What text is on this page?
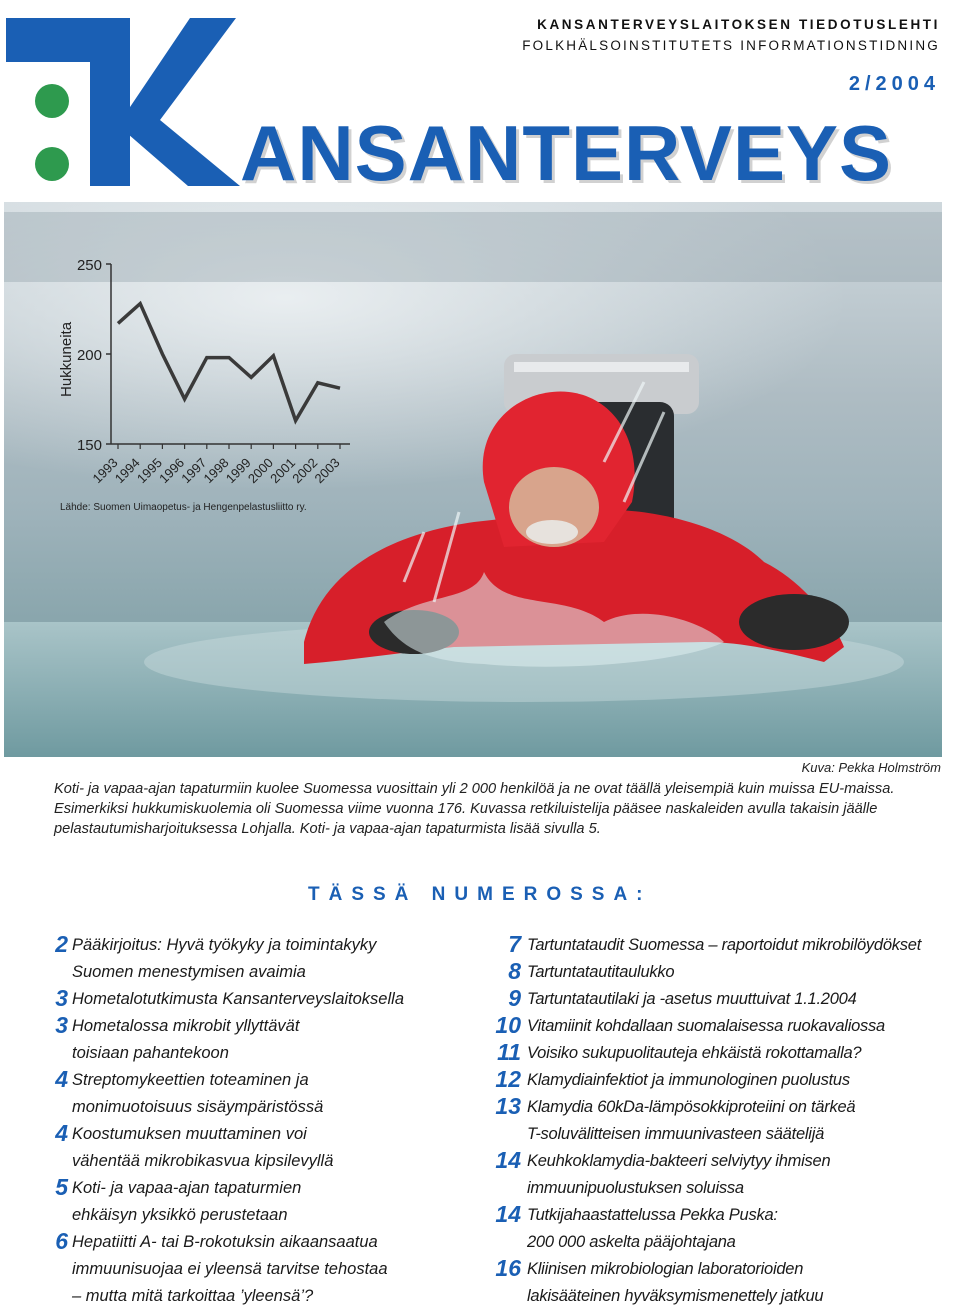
KANSANTERVEYSLAITOKSEN TIEDOTUSLEHTI
FOLKHÄLSOINSTITUTETS INFORMATIONSTIDNING
2/2004
ANSANTERVEYS
250
200
150
Hukkuneita
1993
1994
1995
1996
1997
1998
1999
2000
2001
2002
2003
Lähde: Suomen Uimaopetus- ja Hengenpelastusliitto ry.
Kuva: Pekka Holmström
Koti- ja vapaa-ajan tapaturmiin kuolee Suomessa vuosittain yli 2 000 henkilöä ja ne ovat täällä yleisempiä kuin muissa EU-maissa. Esimerkiksi hukkumiskuolemia oli Suomessa viime vuonna 176. Kuvassa retkiluistelija pääsee naskaleiden avulla takaisin jäälle pelastautumisharjoituksessa Lohjalla. Koti- ja vapaa-ajan tapaturmista lisää sivulla 5.
TÄSSÄ NUMEROSSA:
2 Pääkirjoitus: Hyvä työkyky ja toimintakyky
Suomen menestymisen avaimia
3 Hometalotutkimusta Kansanterveyslaitoksella
3 Hometalossa mikrobit yllyttävät
toisiaan pahantekoon
4 Streptomykeettien toteaminen ja
monimuotoisuus sisäympäristössä
4 Koostumuksen muuttaminen voi
vähentää mikrobikasvua kipsilevyllä
5 Koti- ja vapaa-ajan tapaturmien
ehkäisyn yksikkö perustetaan
6 Hepatiitti A- tai B-rokotuksin aikaansaatua
immuunisuojaa ei yleensä tarvitse tehostaa
– mutta mitä tarkoittaa ’yleensä’?
7 Tartuntataudit Suomessa – raportoidut mikrobilöydökset
8 Tartuntatautitaulukko
9 Tartuntatautilaki ja -asetus muuttuivat 1.1.2004
10 Vitamiinit kohdallaan suomalaisessa ruokavaliossa
11 Voisiko sukupuolitauteja ehkäistä rokottamalla?
12 Klamydiainfektiot ja immunologinen puolustus
13 Klamydia 60kDa-lämpösokkiproteiini on tärkeä
T-soluvälitteisen immuunivasteen säätelijä
14 Keuhkoklamydia-bakteeri selviytyy ihmisen
immuunipuolustuksen soluissa
14 Tutkijahaastattelussa Pekka Puska:
200 000 askelta pääjohtajana
16 Kliinisen mikrobiologian laboratorioiden
lakisääteinen hyväksymismenettely jatkuu
